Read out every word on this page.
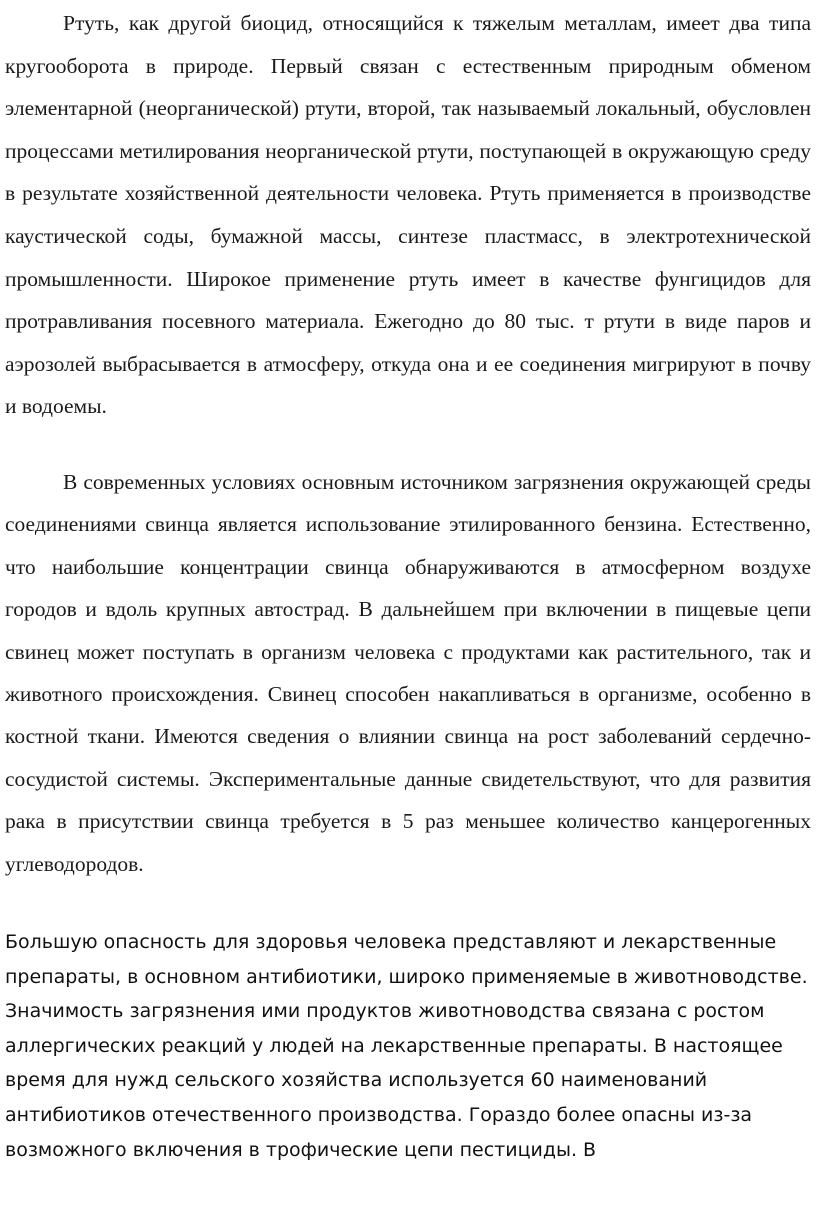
Ртуть, как другой биоцид, относящийся к тяжелым металлам, имеет два типа кругооборота в природе. Первый связан с естественным природным обменом элементарной (неорганической) ртути, второй, так называемый локальный, обусловлен процессами метилирования неорганической ртути, поступающей в окружающую среду в результате хозяйственной деятельности человека. Ртуть применяется в производстве каустической соды, бумажной массы, синтезе пластмасс, в электротехнической промышленности. Широкое применение ртуть имеет в качестве фунгицидов для протравливания посевного материала. Ежегодно до 80 тыс. т ртути в виде паров и аэрозолей выбрасывается в атмосферу, откуда она и ее соединения мигрируют в почву и водоемы.

В современных условиях основным источником загрязнения окружающей среды соединениями свинца является использование этилированного бензина. Естественно, что наибольшие концентрации свинца обнаруживаются в атмосферном воздухе городов и вдоль крупных автострад. В дальнейшем при включении в пищевые цепи свинец может поступать в организм человека с продуктами как растительного, так и животного происхождения. Свинец способен накапливаться в организме, особенно в костной ткани. Имеются сведения о влиянии свинца на рост заболеваний сердечно-сосудистой системы. Экспериментальные данные свидетельствуют, что для развития рака в присутствии свинца требуется в 5 раз меньшее количество канцерогенных углеводородов.

Большую опасность для здоровья человека представляют и лекарственные препараты, в основном антибиотики, широко применяемые в животноводстве. Значимость загрязнения ими продуктов животноводства связана с ростом аллергических реакций у людей на лекарственные препараты. В настоящее время для нужд сельского хозяйства используется 60 наименований антибиотиков отечественного производства. Гораздо более опасны из-за возможного включения в трофические цепи пестициды. В
